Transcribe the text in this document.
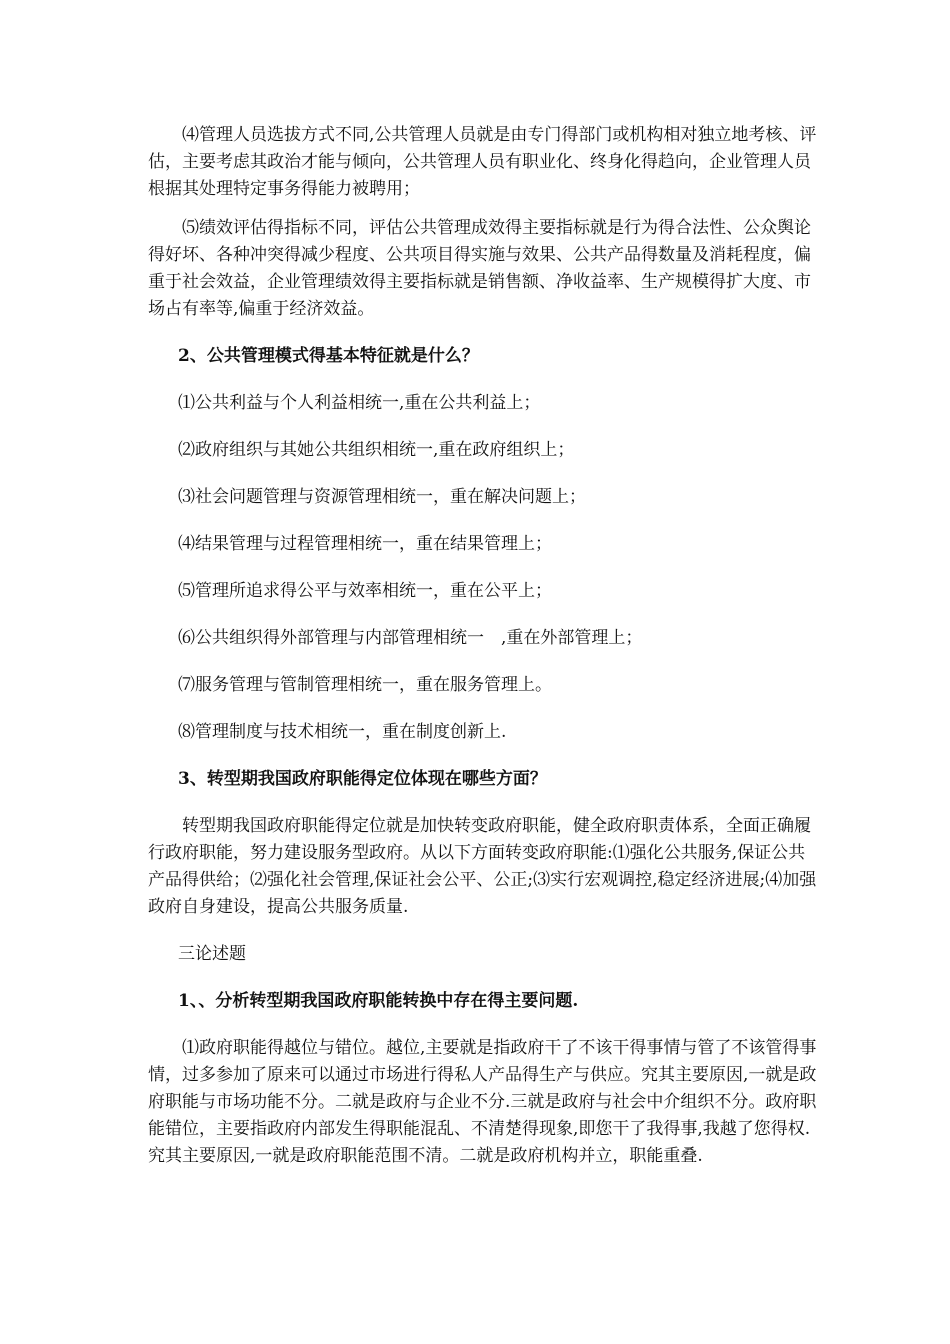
⑷管理人员选拔方式不同,公共管理人员就是由专门得部门或机构相对独立地考核、评估，主要考虑其政治才能与倾向，公共管理人员有职业化、终身化得趋向，企业管理人员根据其处理特定事务得能力被聘用；

⑸绩效评估得指标不同，评估公共管理成效得主要指标就是行为得合法性、公众舆论得好坏、各种冲突得减少程度、公共项目得实施与效果、公共产品得数量及消耗程度，偏重于社会效益，企业管理绩效得主要指标就是销售额、净收益率、生产规模得扩大度、市场占有率等,偏重于经济效益。

2、公共管理模式得基本特征就是什么？

⑴公共利益与个人利益相统一,重在公共利益上；

⑵政府组织与其她公共组织相统一,重在政府组织上；

⑶社会问题管理与资源管理相统一，重在解决问题上；

⑷结果管理与过程管理相统一，重在结果管理上；

⑸管理所追求得公平与效率相统一，重在公平上；

⑹公共组织得外部管理与内部管理相统一　,重在外部管理上；

⑺服务管理与管制管理相统一，重在服务管理上。

⑻管理制度与技术相统一，重在制度创新上.

3、转型期我国政府职能得定位体现在哪些方面？

转型期我国政府职能得定位就是加快转变政府职能，健全政府职责体系，全面正确履行政府职能，努力建设服务型政府。从以下方面转变政府职能:⑴强化公共服务,保证公共产品得供给；⑵强化社会管理,保证社会公平、公正;⑶实行宏观调控,稳定经济进展;⑷加强政府自身建设，提高公共服务质量.

三论述题

1、、分析转型期我国政府职能转换中存在得主要问题.

⑴政府职能得越位与错位。越位,主要就是指政府干了不该干得事情与管了不该管得事情，过多参加了原来可以通过市场进行得私人产品得生产与供应。究其主要原因,一就是政府职能与市场功能不分。二就是政府与企业不分.三就是政府与社会中介组织不分。政府职能错位，主要指政府内部发生得职能混乱、不清楚得现象,即您干了我得事,我越了您得权.究其主要原因,一就是政府职能范围不清。二就是政府机构并立，职能重叠.
